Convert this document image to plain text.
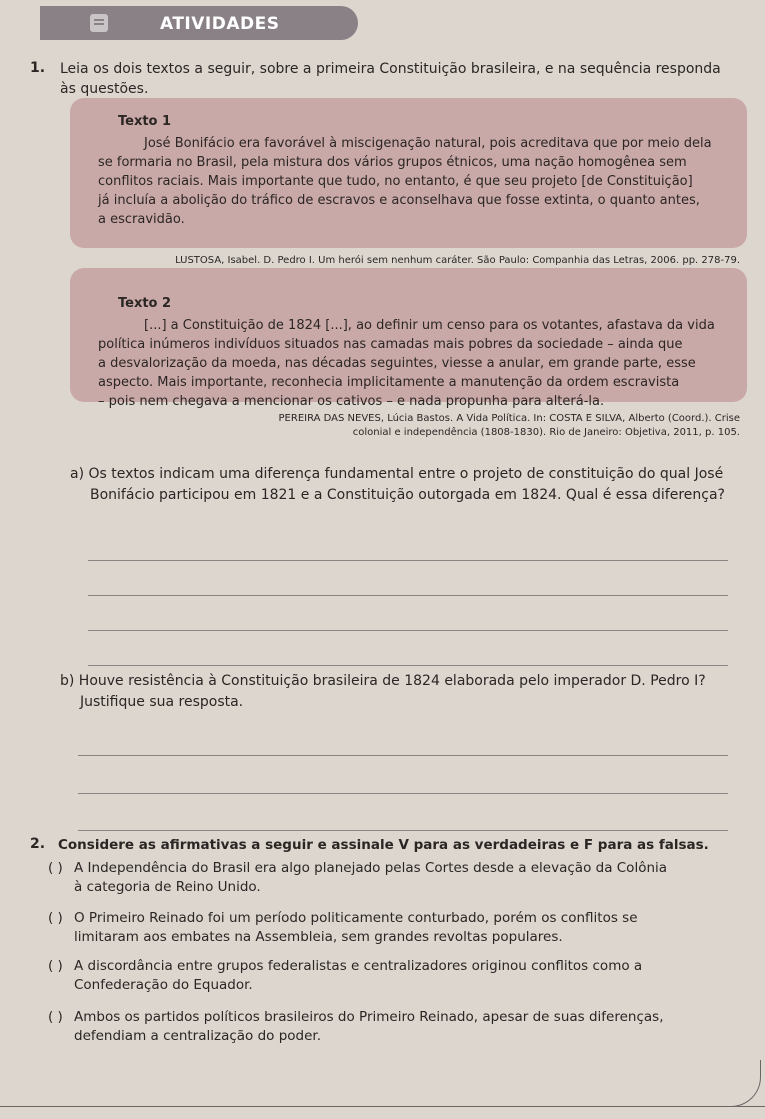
ATIVIDADES
1. Leia os dois textos a seguir, sobre a primeira Constituição brasileira, e na sequência responda
às questões.
Texto 1
José Bonifácio era favorável à miscigenação natural, pois acreditava que por meio dela
se formaria no Brasil, pela mistura dos vários grupos étnicos, uma nação homogênea sem
conflitos raciais. Mais importante que tudo, no entanto, é que seu projeto [de Constituição]
já incluía a abolição do tráfico de escravos e aconselhava que fosse extinta, o quanto antes,
a escravidão.
LUSTOSA, Isabel. D. Pedro I. Um herói sem nenhum caráter. São Paulo: Companhia das Letras, 2006. pp. 278-79.
Texto 2
[...] a Constituição de 1824 [...], ao definir um censo para os votantes, afastava da vida
política inúmeros indivíduos situados nas camadas mais pobres da sociedade – ainda que
a desvalorização da moeda, nas décadas seguintes, viesse a anular, em grande parte, esse
aspecto. Mais importante, reconhecia implicitamente a manutenção da ordem escravista
– pois nem chegava a mencionar os cativos – e nada propunha para alterá-la.
PEREIRA DAS NEVES, Lúcia Bastos. A Vida Política. In: COSTA E SILVA, Alberto (Coord.). Crise
colonial e independência (1808-1830). Rio de Janeiro: Objetiva, 2011, p. 105.
a) Os textos indicam uma diferença fundamental entre o projeto de constituição do qual José
Bonifácio participou em 1821 e a Constituição outorgada em 1824. Qual é essa diferença?
b) Houve resistência à Constituição brasileira de 1824 elaborada pelo imperador D. Pedro I?
Justifique sua resposta.
2. Considere as afirmativas a seguir e assinale V para as verdadeiras e F para as falsas.
( ) A Independência do Brasil era algo planejado pelas Cortes desde a elevação da Colônia
à categoria de Reino Unido.
( ) O Primeiro Reinado foi um período politicamente conturbado, porém os conflitos se
limitaram aos embates na Assembleia, sem grandes revoltas populares.
( ) A discordância entre grupos federalistas e centralizadores originou conflitos como a
Confederação do Equador.
( ) Ambos os partidos políticos brasileiros do Primeiro Reinado, apesar de suas diferenças,
defendiam a centralização do poder.
